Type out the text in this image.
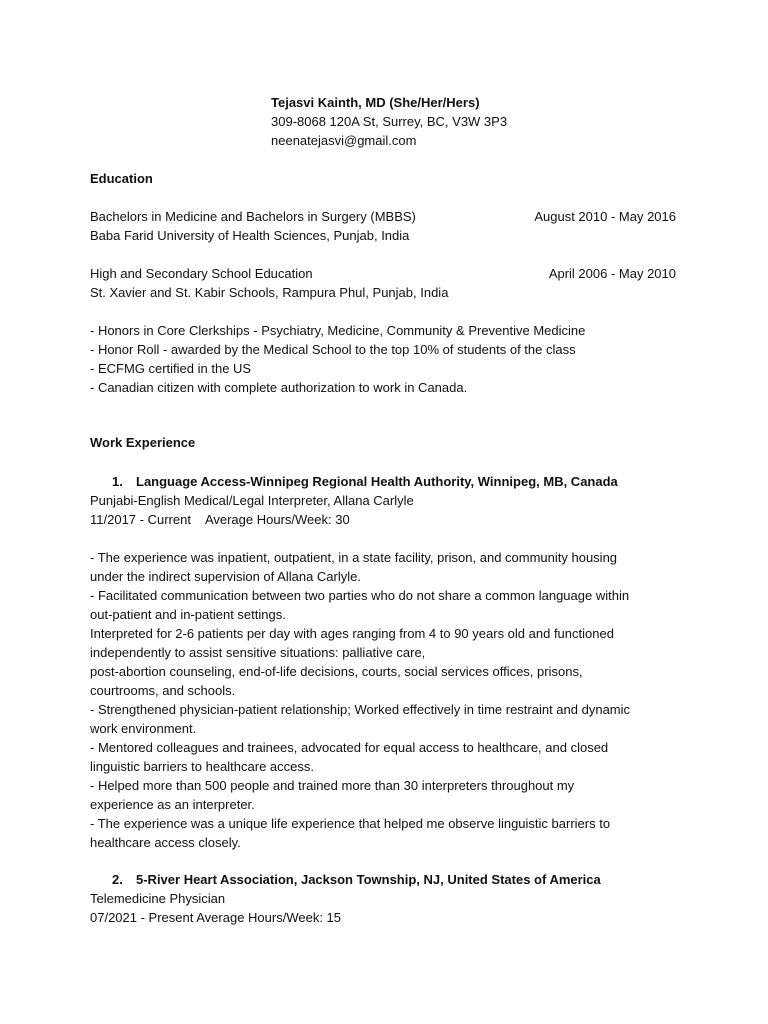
Tejasvi Kainth, MD (She/Her/Hers)
309-8068 120A St, Surrey, BC, V3W 3P3
neenatejasvi@gmail.com
Education
Bachelors in Medicine and Bachelors in Surgery (MBBS)	August 2010 - May 2016
Baba Farid University of Health Sciences, Punjab, India
High and Secondary School Education	April 2006 - May 2010
St. Xavier and St. Kabir Schools, Rampura Phul, Punjab, India
- Honors in Core Clerkships - Psychiatry, Medicine, Community & Preventive Medicine
- Honor Roll - awarded by the Medical School to the top 10% of students of the class
- ECFMG certified in the US
- Canadian citizen with complete authorization to work in Canada.
Work Experience
1. Language Access-Winnipeg Regional Health Authority, Winnipeg, MB, Canada
Punjabi-English Medical/Legal Interpreter, Allana Carlyle
11/2017 - Current Average Hours/Week: 30
- The experience was inpatient, outpatient, in a state facility, prison, and community housing
under the indirect supervision of Allana Carlyle.
- Facilitated communication between two parties who do not share a common language within
out-patient and in-patient settings.
Interpreted for 2-6 patients per day with ages ranging from 4 to 90 years old and functioned
independently to assist sensitive situations: palliative care,
post-abortion counseling, end-of-life decisions, courts, social services offices, prisons,
courtrooms, and schools.
- Strengthened physician-patient relationship; Worked effectively in time restraint and dynamic
work environment.
- Mentored colleagues and trainees, advocated for equal access to healthcare, and closed
linguistic barriers to healthcare access.
- Helped more than 500 people and trained more than 30 interpreters throughout my
experience as an interpreter.
- The experience was a unique life experience that helped me observe linguistic barriers to
healthcare access closely.
2. 5-River Heart Association, Jackson Township, NJ, United States of America
Telemedicine Physician
07/2021 - Present Average Hours/Week: 15
